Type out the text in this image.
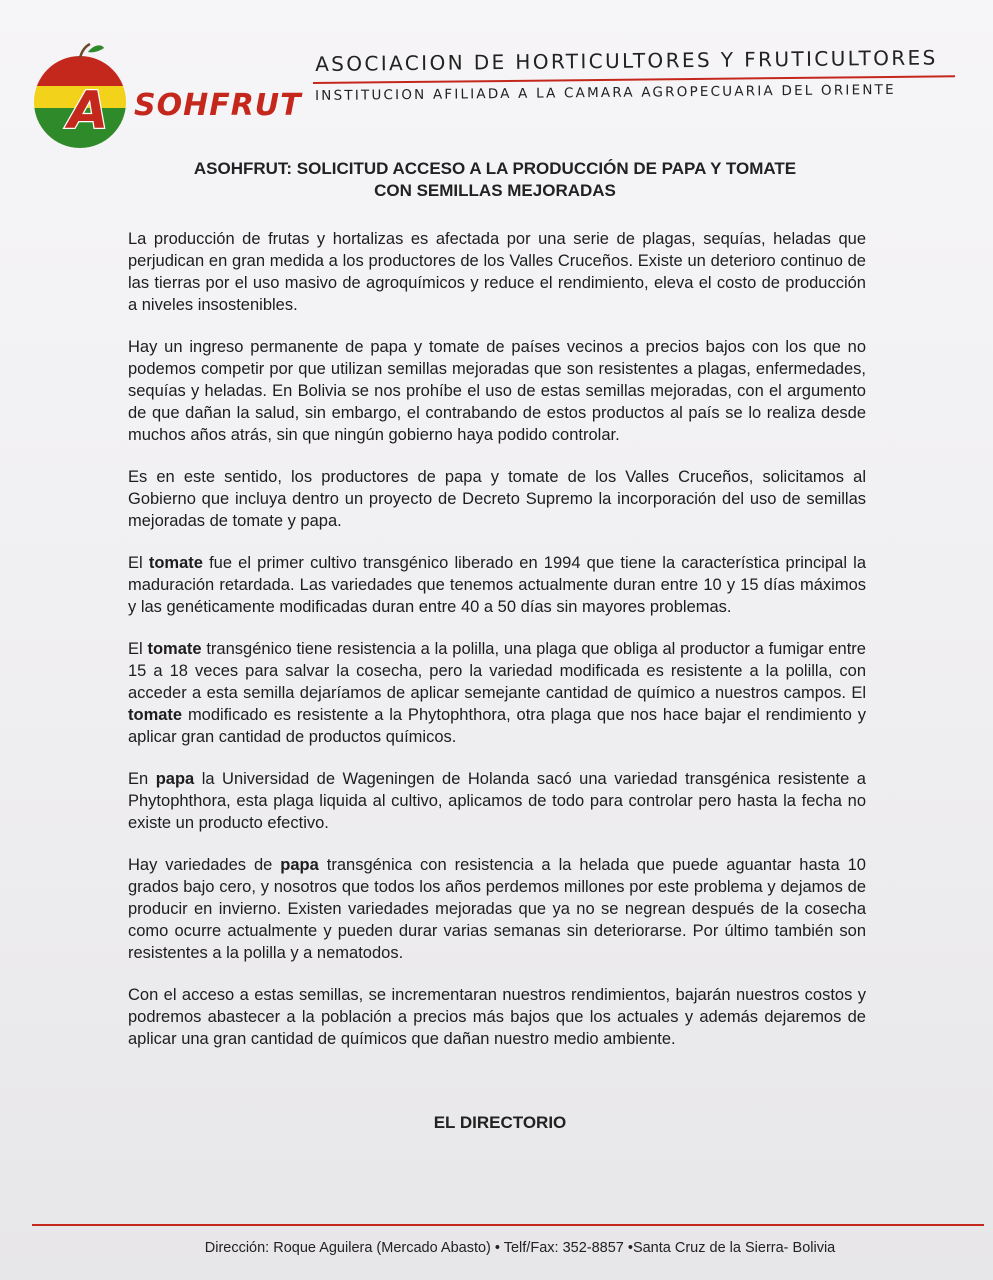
A SOHFRUT
ASOCIACION DE HORTICULTORES Y FRUTICULTORES
INSTITUCION AFILIADA A LA CAMARA AGROPECUARIA DEL ORIENTE
ASOHFRUT: SOLICITUD ACCESO A LA PRODUCCIÓN DE PAPA Y TOMATE
CON SEMILLAS MEJORADAS

La producción de frutas y hortalizas es afectada por una serie de plagas, sequías, heladas que perjudican en gran medida a los productores de los Valles Cruceños. Existe un deterioro continuo de las tierras por el uso masivo de agroquímicos y reduce el rendimiento, eleva el costo de producción a niveles insostenibles.

Hay un ingreso permanente de papa y tomate de países vecinos a precios bajos con los que no podemos competir por que utilizan semillas mejoradas que son resistentes a plagas, enfermedades, sequías y heladas. En Bolivia se nos prohíbe el uso de estas semillas mejoradas, con el argumento de que dañan la salud, sin embargo, el contrabando de estos productos al país se lo realiza desde muchos años atrás, sin que ningún gobierno haya podido controlar.

Es en este sentido, los productores de papa y tomate de los Valles Cruceños, solicitamos al Gobierno que incluya dentro un proyecto de Decreto Supremo la incorporación del uso de semillas mejoradas de tomate y papa.

El tomate fue el primer cultivo transgénico liberado en 1994 que tiene la característica principal la maduración retardada. Las variedades que tenemos actualmente duran entre 10 y 15 días máximos y las genéticamente modificadas duran entre 40 a 50 días sin mayores problemas.

El tomate transgénico tiene resistencia a la polilla, una plaga que obliga al productor a fumigar entre 15 a 18 veces para salvar la cosecha, pero la variedad modificada es resistente a la polilla, con acceder a esta semilla dejaríamos de aplicar semejante cantidad de químico a nuestros campos. El tomate modificado es resistente a la Phytophthora, otra plaga que nos hace bajar el rendimiento y aplicar gran cantidad de productos químicos.

En papa la Universidad de Wageningen de Holanda sacó una variedad transgénica resistente a Phytophthora, esta plaga liquida al cultivo, aplicamos de todo para controlar pero hasta la fecha no existe un producto efectivo.

Hay variedades de papa transgénica con resistencia a la helada que puede aguantar hasta 10 grados bajo cero, y nosotros que todos los años perdemos millones por este problema y dejamos de producir en invierno. Existen variedades mejoradas que ya no se negrean después de la cosecha como ocurre actualmente y pueden durar varias semanas sin deteriorarse. Por último también son resistentes a la polilla y a nematodos.

Con el acceso a estas semillas, se incrementaran nuestros rendimientos, bajarán nuestros costos y podremos abastecer a la población a precios más bajos que los actuales y además dejaremos de aplicar una gran cantidad de químicos que dañan nuestro medio ambiente.

EL DIRECTORIO
Dirección: Roque Aguilera (Mercado Abasto) • Telf/Fax: 352-8857 •Santa Cruz de la Sierra- Bolivia
